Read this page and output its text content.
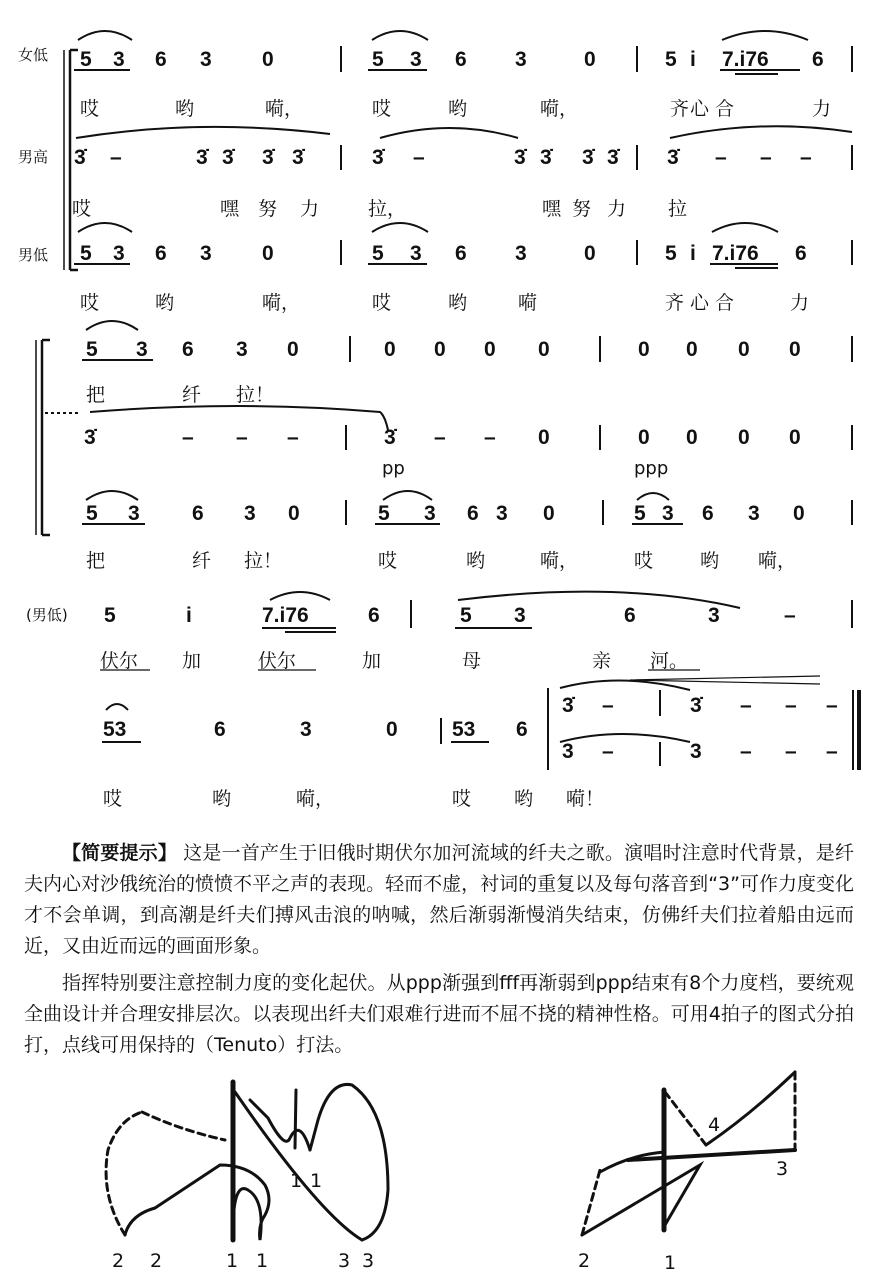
女低
男高
男低
5 3 6 3 0	5 3 6 3	0	5 i 7.i76 6
哎	哟	嗬，	哎	哟	嗬，	齐 心 合	力
3̇ –	3̇ 3̇ 3̇ 3̇	3̇ –	3̇ 3̇ 3̇ 3̇ 3̇ – – –
哎	嘿 努 力	拉，	嘿 努 力 拉
5 3 6 3 0	5 3 6 3	0	5 i 7.i76 6
哎	哟	嗬，	哎	哟	嗬	齐 心 合	力
5 3 6 3 0	0 0 0 0	0 0 0 0
把	纤 拉！
3̇	– – –	3̇ – – 0	0 0 0 0
pp	ppp
5 3 6 3 0	5 3 6 3 0	5 3 6 3 0
把	纤 拉！	哎	哟	嗬，	哎 哟 嗬，
(男低) 5	i	7.i76	6	5 3	6	3	–
伏尔 加	伏尔	加	母	亲 河。
53	6	3	0	53 6
3̇ –	3̇ – – –
3 –	3 – – –
哎	哟	嗬，	哎 哟 嗬！
【简要提示】 这是一首产生于旧俄时期伏尔加河流域的纤夫之歌。演唱时注意时代背景，是纤夫内心对沙俄统治的愤愤不平之声的表现。轻而不虚，衬词的重复以及每句落音到“3”可作力度变化才不会单调，到高潮是纤夫们搏风击浪的呐喊，然后渐弱渐慢消失结束，仿佛纤夫们拉着船由远而近，又由近而远的画面形象。
指挥特别要注意控制力度的变化起伏。从ppp渐强到fff再渐弱到ppp结束有8个力度档，要统观全曲设计并合理安排层次。以表现出纤夫们艰难行进而不屈不挠的精神性格。可用4拍子的图式分拍打，点线可用保持的（Tenuto）打法。
2 2	1 1	3 3
1 1
4
3
2	1
